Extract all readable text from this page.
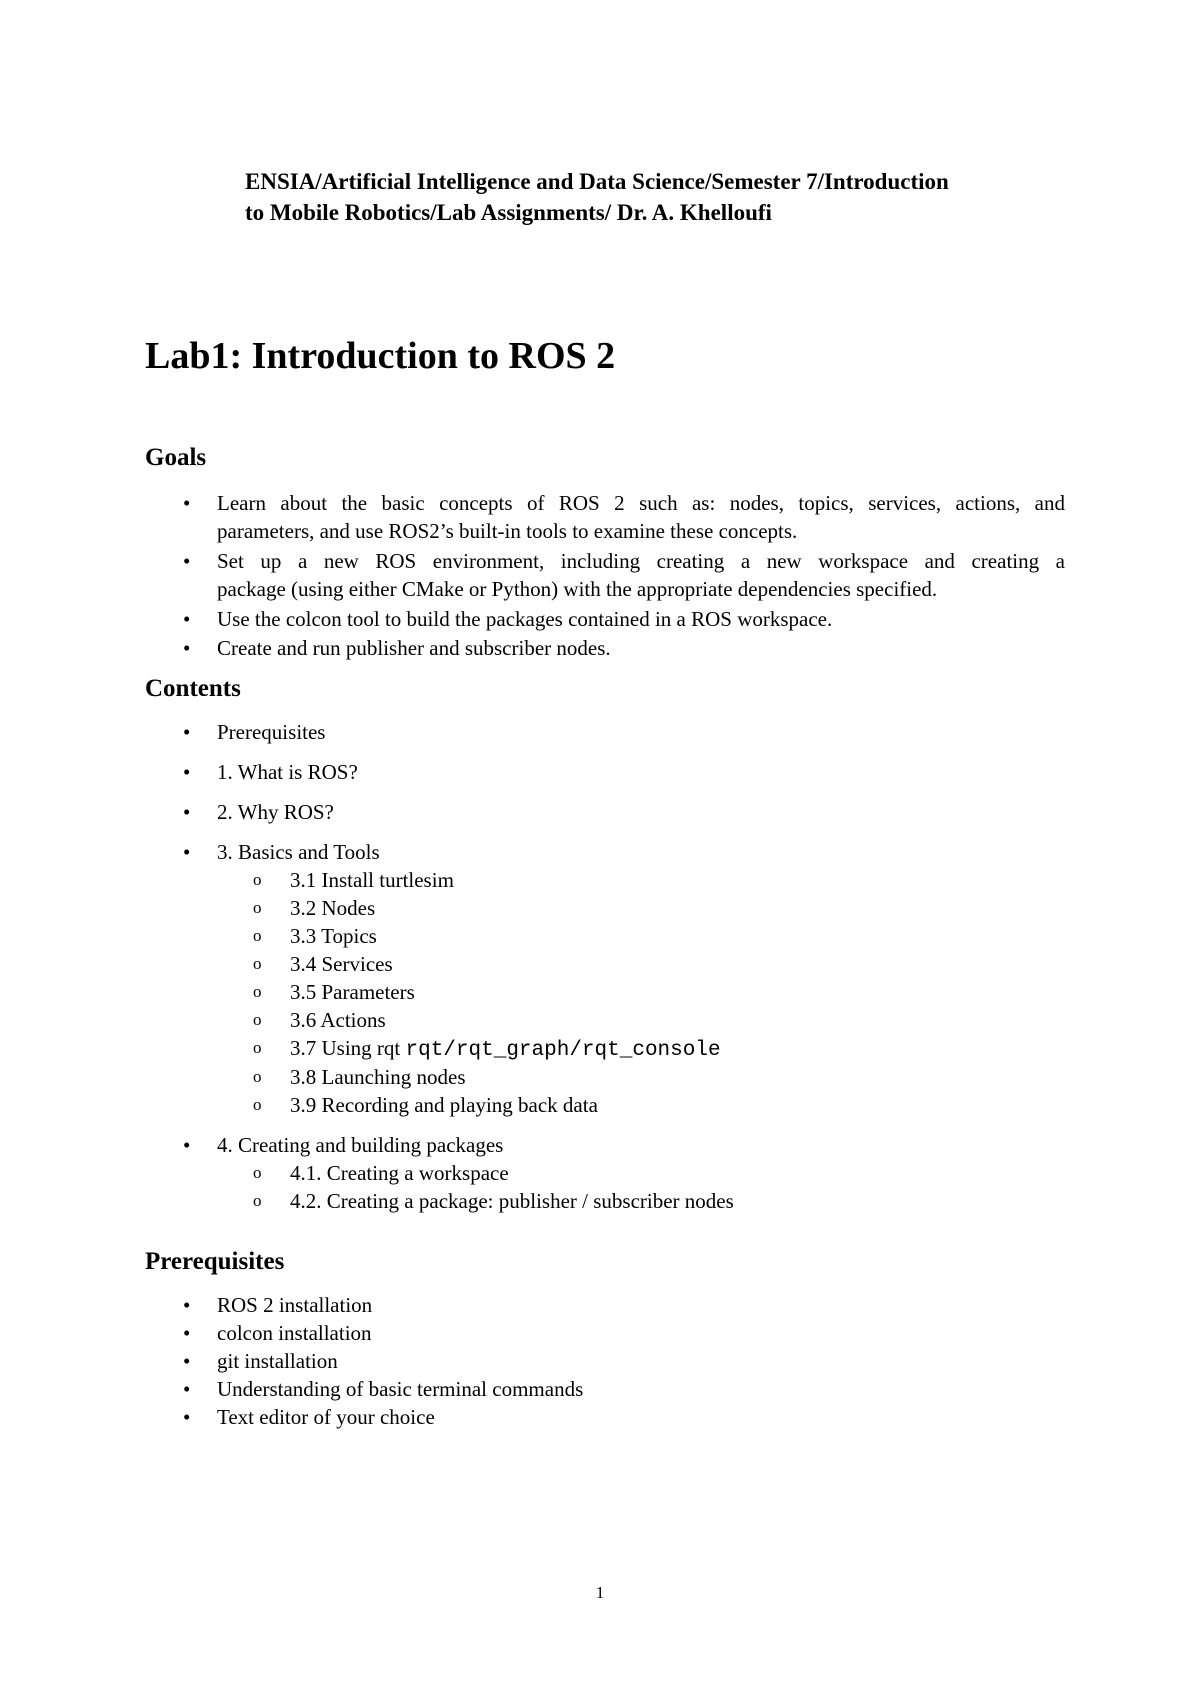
ENSIA/Artificial Intelligence and Data Science/Semester 7/Introduction
to Mobile Robotics/Lab Assignments/ Dr. A. Khelloufi
Lab1: Introduction to ROS 2
Goals
• Learn about the basic concepts of ROS 2 such as: nodes, topics, services, actions, and
parameters, and use ROS2’s built-in tools to examine these concepts.
• Set up a new ROS environment, including creating a new workspace and creating a
package (using either CMake or Python) with the appropriate dependencies specified.
• Use the colcon tool to build the packages contained in a ROS workspace.
• Create and run publisher and subscriber nodes.
Contents
• Prerequisites
• 1. What is ROS?
• 2. Why ROS?
• 3. Basics and Tools
o 3.1 Install turtlesim
o 3.2 Nodes
o 3.3 Topics
o 3.4 Services
o 3.5 Parameters
o 3.6 Actions
o 3.7 Using rqt rqt/rqt_graph/rqt_console
o 3.8 Launching nodes
o 3.9 Recording and playing back data
• 4. Creating and building packages
o 4.1. Creating a workspace
o 4.2. Creating a package: publisher / subscriber nodes
Prerequisites
• ROS 2 installation
• colcon installation
• git installation
• Understanding of basic terminal commands
• Text editor of your choice
1
